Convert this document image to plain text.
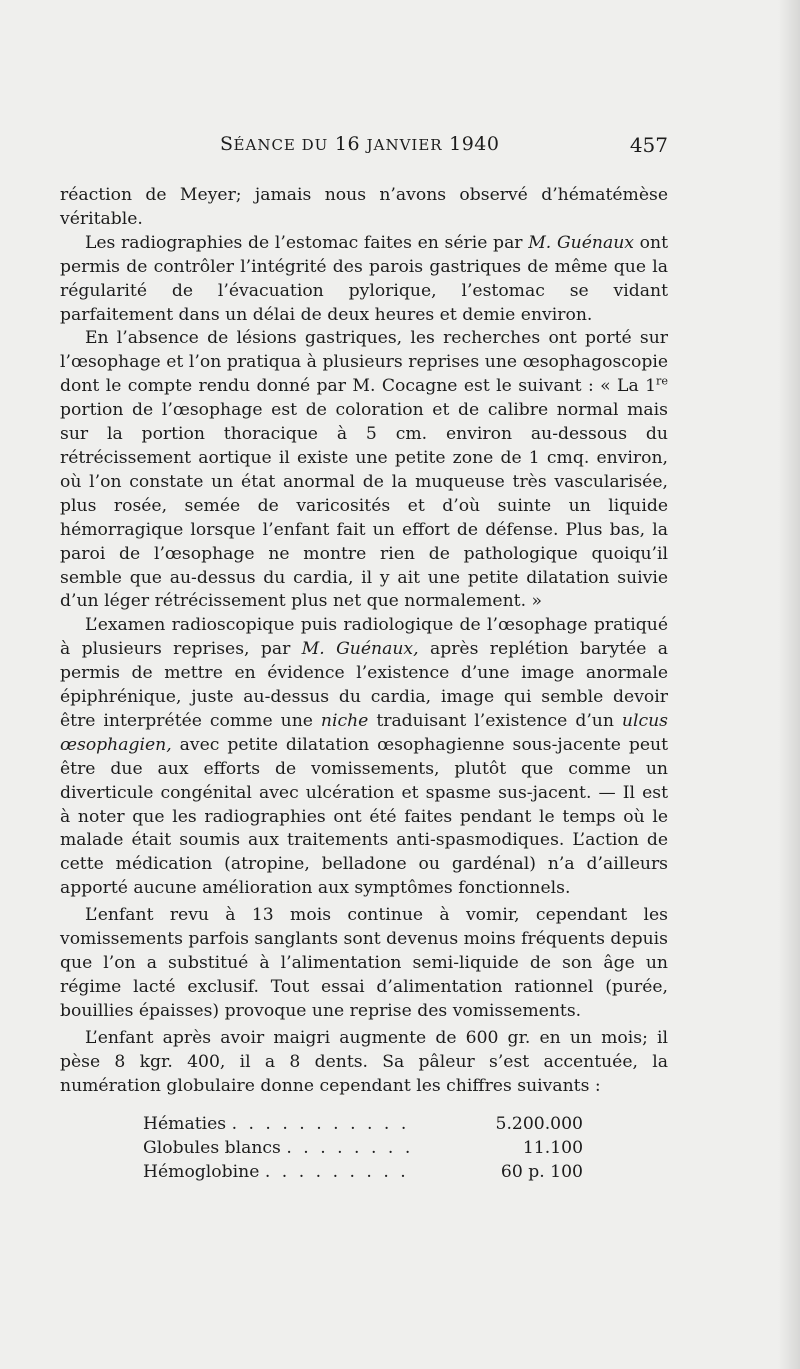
SÉANCE DU 16 JANVIER 1940	457

réaction de Meyer; jamais nous n’avons observé d’hématémèse véritable.

Les radiographies de l’estomac faites en série par M. Guénaux ont permis de contrôler l’intégrité des parois gastriques de même que la régularité de l’évacuation pylorique, l’estomac se vidant parfaitement dans un délai de deux heures et demie environ.

En l’absence de lésions gastriques, les recherches ont porté sur l’œsophage et l’on pratiqua à plusieurs reprises une œsophagoscopie dont le compte rendu donné par M. Cocagne est le suivant : « La 1re portion de l’œsophage est de coloration et de calibre normal mais sur la portion thoracique à 5 cm. environ au-dessous du rétrécissement aortique il existe une petite zone de 1 cmq. environ, où l’on constate un état anormal de la muqueuse très vascularisée, plus rosée, semée de varicosités et d’où suinte un liquide hémorragique lorsque l’enfant fait un effort de défense. Plus bas, la paroi de l’œsophage ne montre rien de pathologique quoiqu’il semble que au-dessus du cardia, il y ait une petite dilatation suivie d’un léger rétrécissement plus net que normalement. »

L’examen radioscopique puis radiologique de l’œsophage pratiqué à plusieurs reprises, par M. Guénaux, après replétion barytée a permis de mettre en évidence l’existence d’une image anormale épiphrénique, juste au-dessus du cardia, image qui semble devoir être interprétée comme une niche traduisant l’existence d’un ulcus œsophagien, avec petite dilatation œsophagienne sous-jacente peut être due aux efforts de vomissements, plutôt que comme un diverticule congénital avec ulcération et spasme sus-jacent. — Il est à noter que les radiographies ont été faites pendant le temps où le malade était soumis aux traitements anti-spasmodiques. L’action de cette médication (atropine, belladone ou gardénal) n’a d’ailleurs apporté aucune amélioration aux symptômes fonctionnels.

L’enfant revu à 13 mois continue à vomir, cependant les vomissements parfois sanglants sont devenus moins fréquents depuis que l’on a substitué à l’alimentation semi-liquide de son âge un régime lacté exclusif. Tout essai d’alimentation rationnel (purée, bouillies épaisses) provoque une reprise des vomissements.

L’enfant après avoir maigri augmente de 600 gr. en un mois; il pèse 8 kgr. 400, il a 8 dents. Sa pâleur s’est accentuée, la numération globulaire donne cependant les chiffres suivants :

Hématies . . . . . . . . . . .	5.200.000
Globules blancs . . . . . . . .	11.100
Hémoglobine . . . . . . . . .	60 p. 100
